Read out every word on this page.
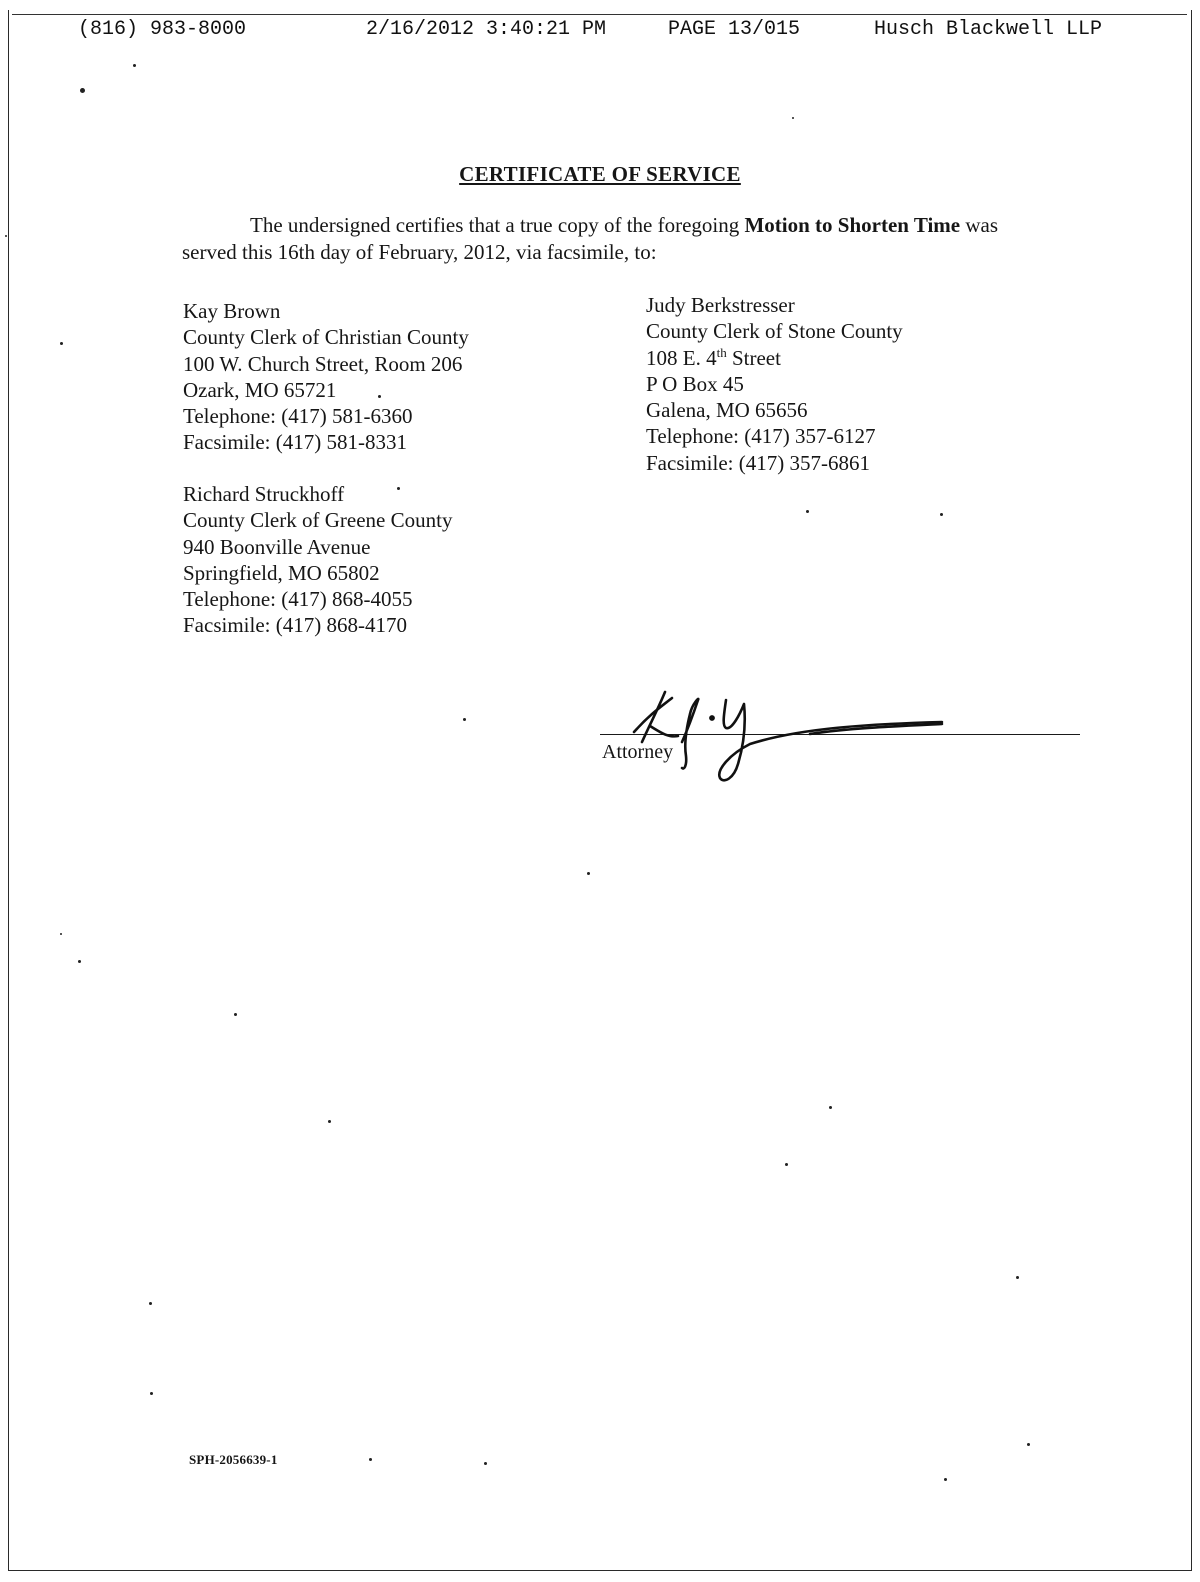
(816) 983-8000	2/16/2012 3:40:21 PM	PAGE 13/015	Husch Blackwell LLP
CERTIFICATE OF SERVICE
The undersigned certifies that a true copy of the foregoing Motion to Shorten Time was served this 16th day of February, 2012, via facsimile, to:
Kay Brown
County Clerk of Christian County
100 W. Church Street, Room 206
Ozark, MO 65721
Telephone: (417) 581-6360
Facsimile: (417) 581-8331
Judy Berkstresser
County Clerk of Stone County
108 E. 4th Street
P O Box 45
Galena, MO 65656
Telephone: (417) 357-6127
Facsimile: (417) 357-6861
Richard Struckhoff
County Clerk of Greene County
940 Boonville Avenue
Springfield, MO 65802
Telephone: (417) 868-4055
Facsimile: (417) 868-4170
Attorney
SPH-2056639-1
